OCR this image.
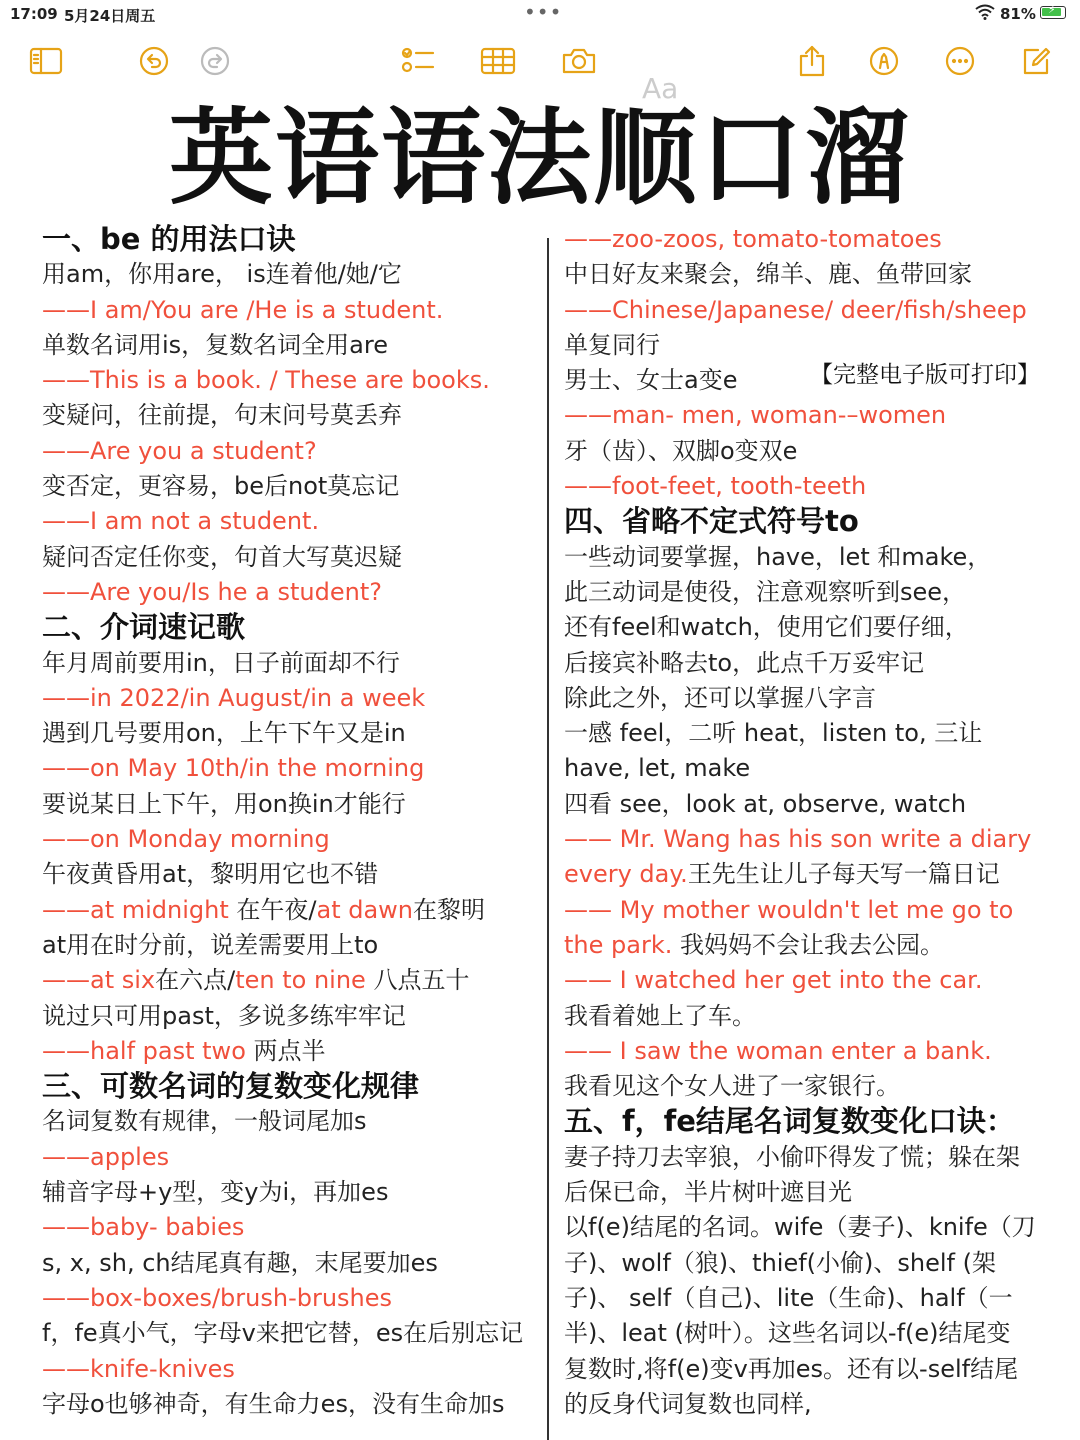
17:09 5月24日周五	•••	81% ⚡
Aa
英语语法顺口溜
一、be 的用法口诀
用am，你用are， is连着他/她/它
——I am/You are /He is a student.
单数名词用is，复数名词全用are
——This is a book. / These are books.
变疑问，往前提，句末问号莫丢弃
——Are you a student?
变否定，更容易，be后not莫忘记
——I am not a student.
疑问否定任你变，句首大写莫迟疑
——Are you/Is he a student?
二、介词速记歌
年月周前要用in，日子前面却不行
——in 2022/in August/in a week
遇到几号要用on，上午下午又是in
——on May 10th/in the morning
要说某日上下午，用on换in才能行
——on Monday morning
午夜黄昏用at，黎明用它也不错
——at midnight 在午夜/at dawn在黎明
at用在时分前，说差需要用上to
——at six在六点/ten to nine 八点五十
说过只可用past，多说多练牢牢记
——half past two 两点半
三、可数名词的复数变化规律
名词复数有规律，一般词尾加s
——apples
辅音字母+y型，变y为i，再加es
——baby- babies
s, x, sh, ch结尾真有趣，末尾要加es
——box-boxes/brush-brushes
f，fe真小气，字母v来把它替，es在后别忘记
——knife-knives
字母o也够神奇，有生命力es，没有生命加s
——zoo-zoos, tomato-tomatoes
中日好友来聚会，绵羊、鹿、鱼带回家
——Chinese/Japanese/ deer/fish/sheep
单复同行
男士、女士a变e
——man- men, woman-–women
牙（齿）、双脚o变双e
——foot-feet, tooth-teeth
四、省略不定式符号to
一些动词要掌握，have，let 和make，
此三动词是使役，注意观察听到see，
还有feel和watch，使用它们要仔细，
后接宾补略去to，此点千万妥牢记
除此之外，还可以掌握八字言
一感 feel，二听 heat，listen to, 三让
have, let, make
四看 see，look at, observe, watch
—— Mr. Wang has his son write a diary
every day.王先生让儿子每天写一篇日记
—— My mother wouldn't let me go to
the park. 我妈妈不会让我去公园。
—— I watched her get into the car.
我看着她上了车。
—— I saw the woman enter a bank.
我看见这个女人进了一家银行。
五、f，fe结尾名词复数变化口诀：
妻子持刀去宰狼，小偷吓得发了慌；躲在架
后保已命，半片树叶遮目光
以f(e)结尾的名词。wife（妻子)、knife（刀
子)、wolf（狼)、thief(小偷)、shelf (架
子)、 self（自己)、lite（生命)、half（一
半)、leat (树叶）。这些名词以-f(e)结尾变
复数时,将f(e)变v再加es。还有以-self结尾
的反身代词复数也同样,
【完整电子版可打印】
